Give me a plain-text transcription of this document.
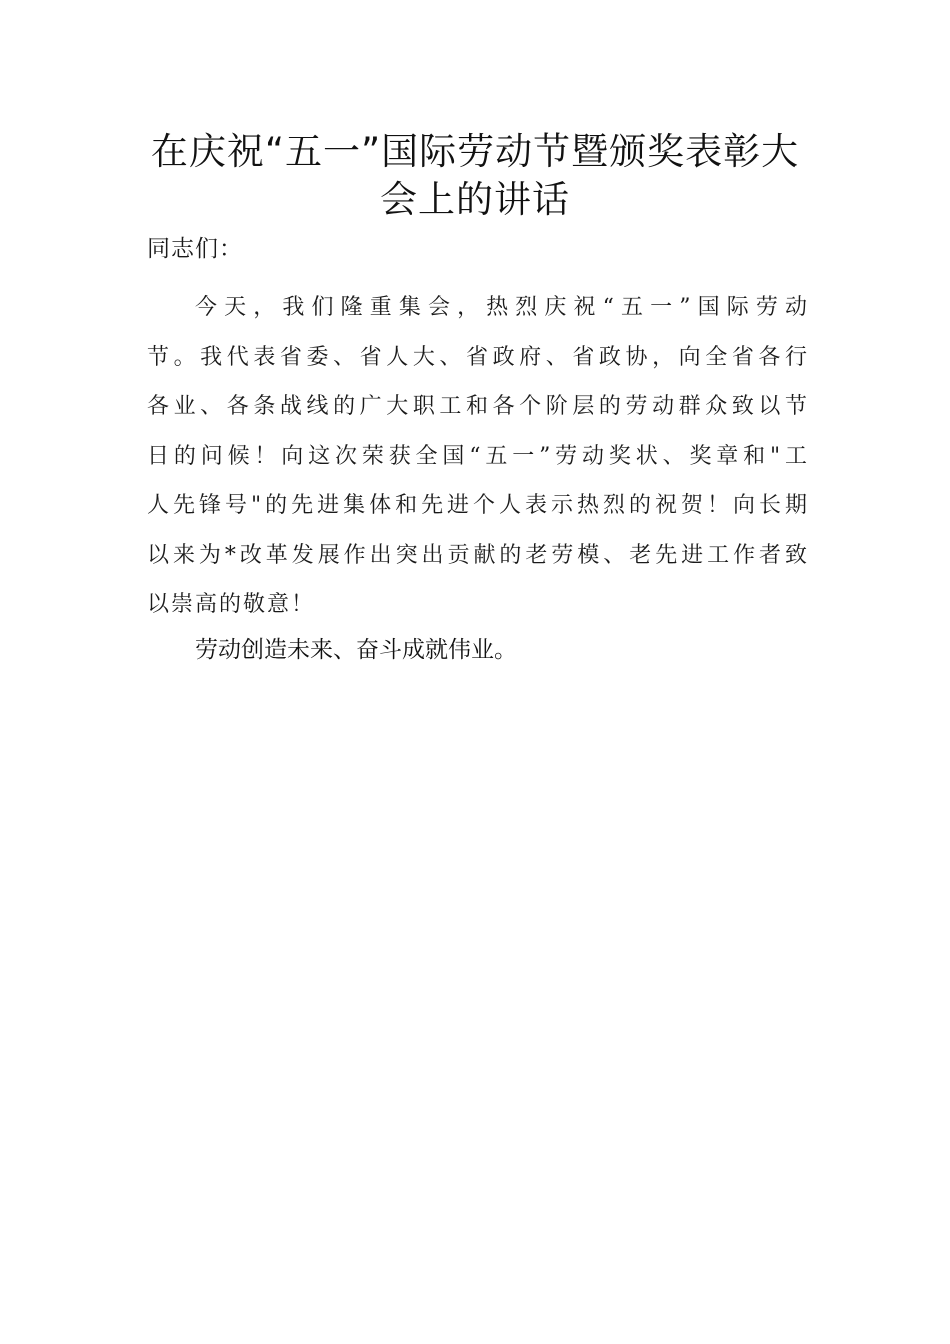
在庆祝“五一”国际劳动节暨颁奖表彰大
会上的讲话

同志们：

今天，我们隆重集会，热烈庆祝“五一”国际劳动
节。我代表省委、省人大、省政府、省政协，向全省各行
各业、各条战线的广大职工和各个阶层的劳动群众致以节
日的问候！向这次荣获全国“五一”劳动奖状、奖章和"工
人先锋号"的先进集体和先进个人表示热烈的祝贺！向长期
以来为*改革发展作出突出贡献的老劳模、老先进工作者致
以崇高的敬意！

劳动创造未来、奋斗成就伟业。
